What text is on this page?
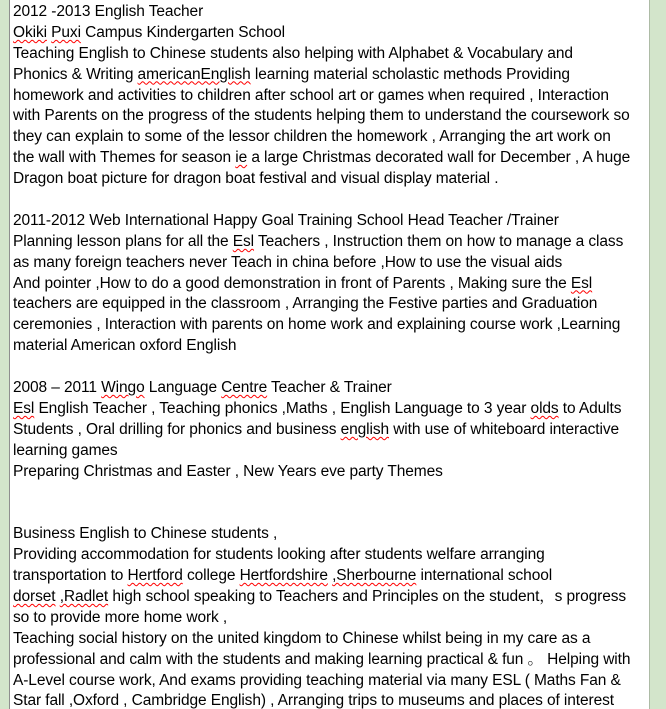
2012 -2013 English Teacher
Okiki Puxi Campus Kindergarten School
Teaching English to Chinese students also helping with Alphabet & Vocabulary and
Phonics & Writing americanEnglish learning material scholastic methods Providing
homework and activities to children after school art or games when required , Interaction
with Parents on the progress of the students helping them to understand the coursework so
they can explain to some of the lessor children the homework , Arranging the art work on
the wall with Themes for season ie a large Christmas decorated wall for December , A huge
Dragon boat picture for dragon boat festival and visual display material .

2011-2012 Web International Happy Goal Training School Head Teacher /Trainer
Planning lesson plans for all the Esl Teachers , Instruction them on how to manage a class
as many foreign teachers never Teach in china before ,How to use the visual aids
And pointer ,How to do a good demonstration in front of Parents , Making sure the Esl
teachers are equipped in the classroom , Arranging the Festive parties and Graduation
ceremonies , Interaction with parents on home work and explaining course work ,Learning
material American oxford English

2008 – 2011 Wingo Language Centre Teacher & Trainer
Esl English Teacher , Teaching phonics ,Maths , English Language to 3 year olds to Adults
Students , Oral drilling for phonics and business english with use of whiteboard interactive
learning games
Preparing Christmas and Easter , New Years eve party Themes

Business English to Chinese students ,
Providing accommodation for students looking after students welfare arranging
transportation to Hertford college Hertfordshire ,Sherbourne international school
dorset ,Radlet high school speaking to Teachers and Principles on the student，s progress
so to provide more home work ,
Teaching social history on the united kingdom to Chinese whilst being in my care as a
professional and calm with the students and making learning practical & fun 。 Helping with
A-Level course work, And exams providing teaching material via many ESL ( Maths Fan &
Star fall ,Oxford , Cambridge English) , Arranging trips to museums and places of interest
